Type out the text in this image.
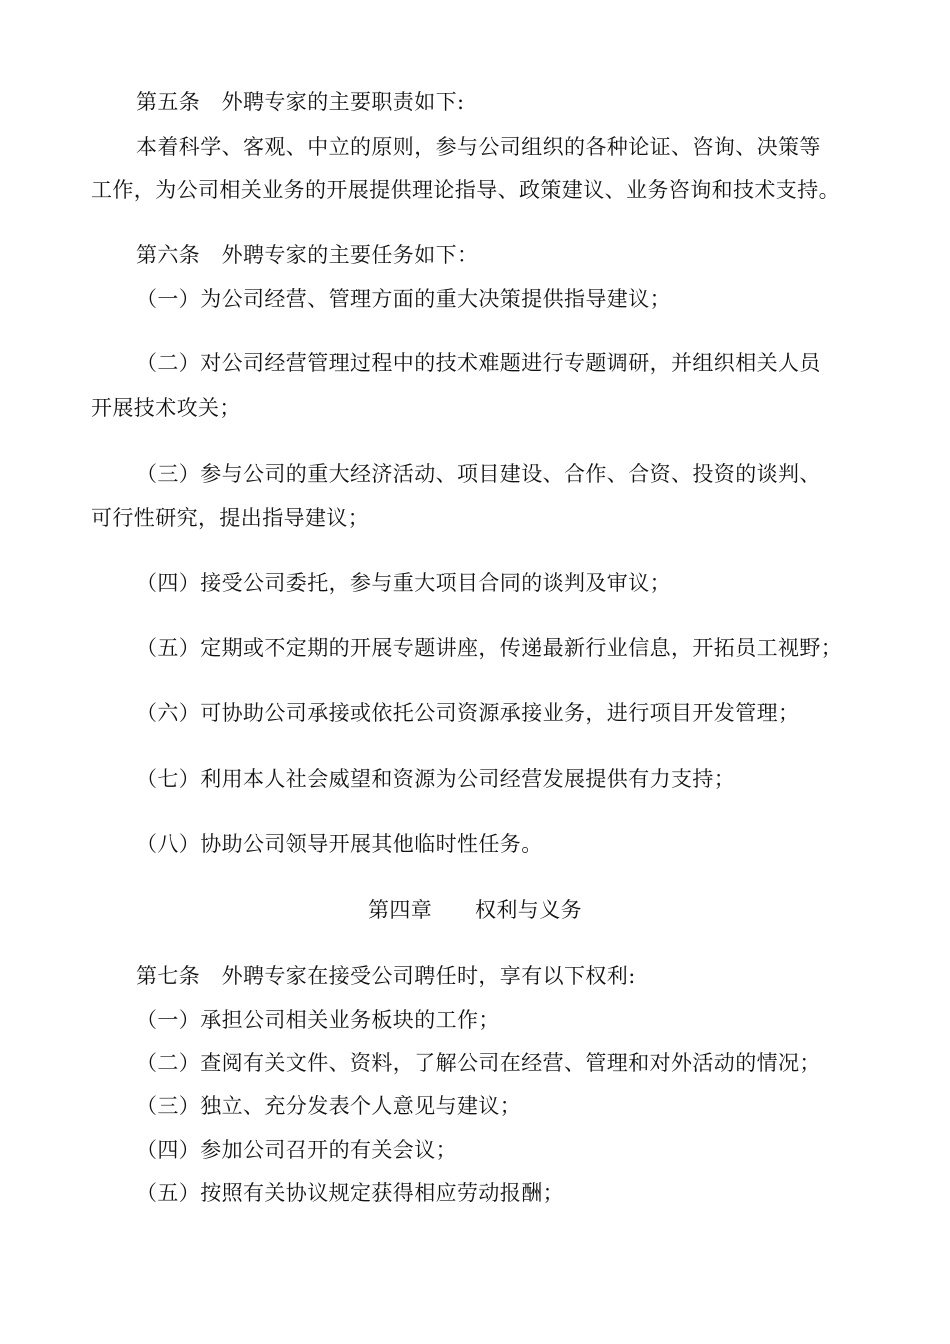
第五条　外聘专家的主要职责如下:
本着科学、客观、中立的原则，参与公司组织的各种论证、咨询、决策等
工作，为公司相关业务的开展提供理论指导、政策建议、业务咨询和技术支持。
第六条　外聘专家的主要任务如下：
（一）为公司经营、管理方面的重大决策提供指导建议；
（二）对公司经营管理过程中的技术难题进行专题调研，并组织相关人员
开展技术攻关；
（三）参与公司的重大经济活动、项目建设、合作、合资、投资的谈判、
可行性研究，提出指导建议；
（四）接受公司委托，参与重大项目合同的谈判及审议；
（五）定期或不定期的开展专题讲座，传递最新行业信息，开拓员工视野；
（六）可协助公司承接或依托公司资源承接业务，进行项目开发管理；
（七）利用本人社会威望和资源为公司经营发展提供有力支持；
（八）协助公司领导开展其他临时性任务。
第四章　　权利与义务
第七条　外聘专家在接受公司聘任时，享有以下权利:
（一）承担公司相关业务板块的工作；
（二）查阅有关文件、资料，了解公司在经营、管理和对外活动的情况；
（三）独立、充分发表个人意见与建议；
（四）参加公司召开的有关会议；
（五）按照有关协议规定获得相应劳动报酬；
